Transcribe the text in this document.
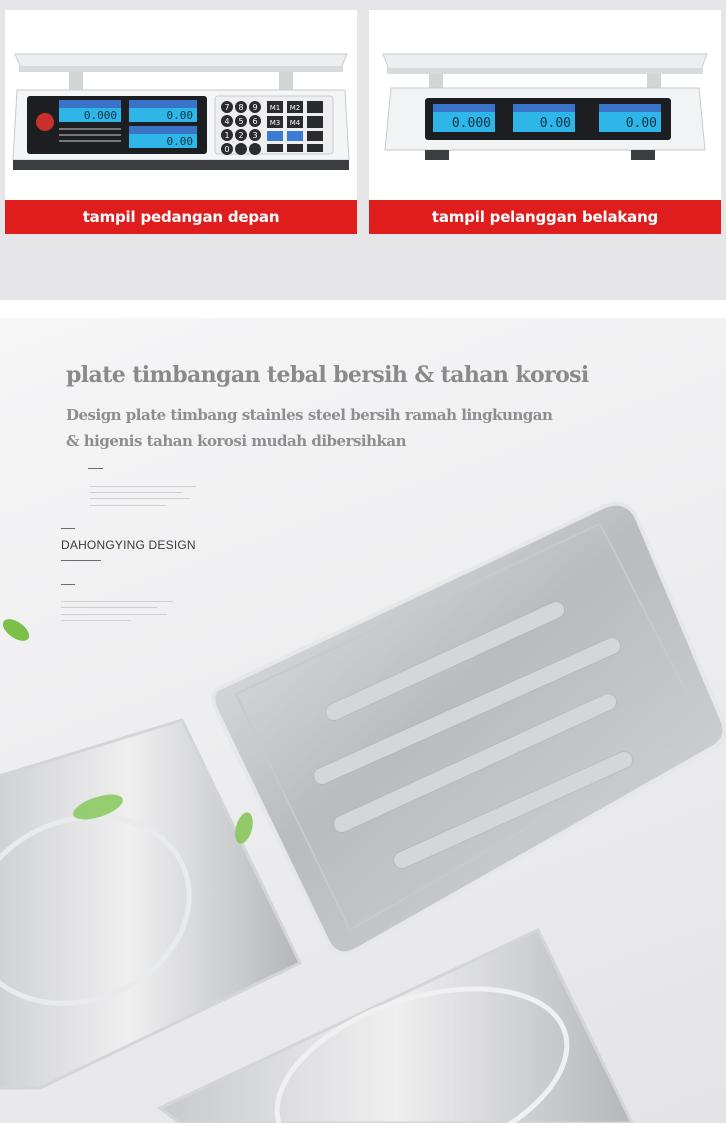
0.000	0.00
0.00
7 8 9
4 5 6
1 2 3
0
M1 M2
M3 M4
tampil pedangan depan
0.000	0.00	0.00
tampil pelanggan belakang

plate timbangan tebal bersih & tahan korosi

Design plate timbang stainles steel bersih ramah lingkungan

& higenis tahan korosi mudah dibersihkan

DAHONGYING DESIGN
